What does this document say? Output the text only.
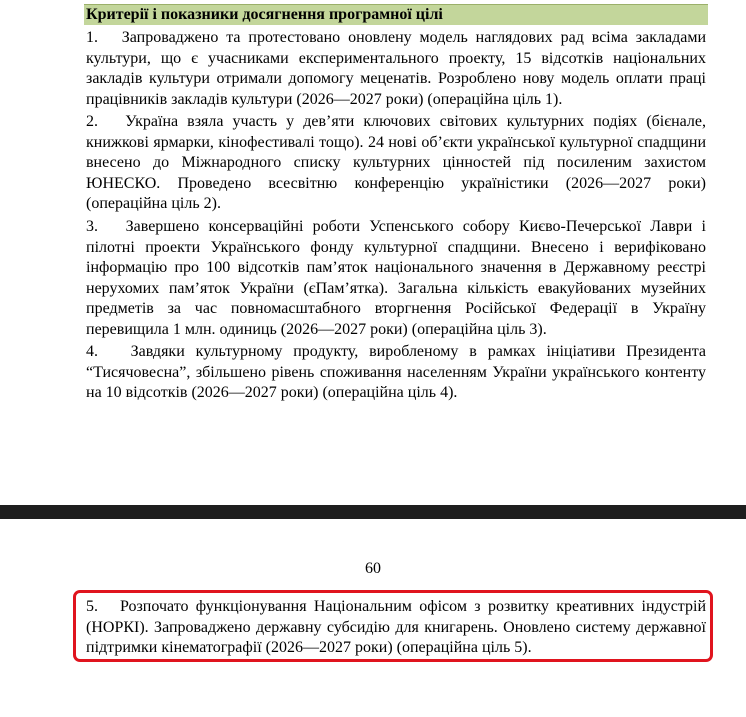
Критерії і показники досягнення програмної цілі
1. Запроваджено та протестовано оновлену модель наглядових рад всіма закладами культури, що є учасниками експериментального проекту, 15 відсотків національних закладів культури отримали допомогу меценатів. Розроблено нову модель оплати праці працівників закладів культури (2026—2027 роки) (операційна ціль 1).
2. Україна взяла участь у дев’яти ключових світових культурних подіях (бієнале, книжкові ярмарки, кінофестивалі тощо). 24 нові об’єкти української культурної спадщини внесено до Міжнародного списку культурних цінностей під посиленим захистом ЮНЕСКО. Проведено всесвітню конференцію україністики (2026—2027 роки) (операційна ціль 2).
3. Завершено консерваційні роботи Успенського собору Києво-Печерської Лаври і пілотні проекти Українського фонду культурної спадщини. Внесено і верифіковано інформацію про 100 відсотків пам’яток національного значення в Державному реєстрі нерухомих пам’яток України (єПам’ятка). Загальна кількість евакуйованих музейних предметів за час повномасштабного вторгнення Російської Федерації в Україну перевищила 1 млн. одиниць (2026—2027 роки) (операційна ціль 3).
4. Завдяки культурному продукту, виробленому в рамках ініціативи Президента “Тисячовесна”, збільшено рівень споживання населенням України українського контенту на 10 відсотків (2026—2027 роки) (операційна ціль 4).
60
5. Розпочато функціонування Національним офісом з розвитку креативних індустрій (НОРКІ). Запроваджено державну субсидію для книгарень. Оновлено систему державної підтримки кінематографії (2026—2027 роки) (операційна ціль 5).
